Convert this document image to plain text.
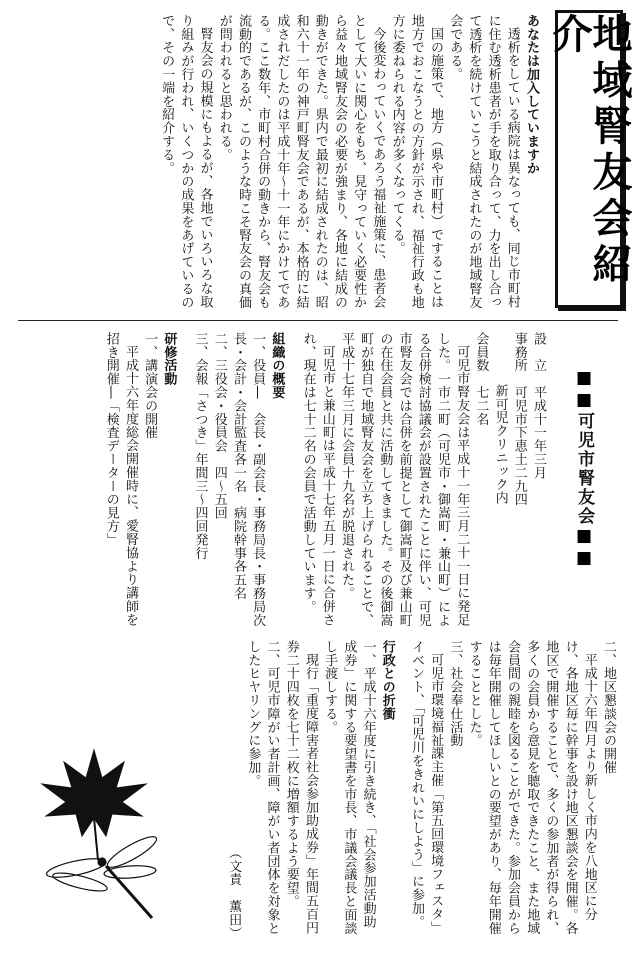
地域腎友会紹介

あなたは加入していますか

透析をしている病院は異なっても、同じ市町村に住む透析患者が手を取り合って、力を出し合って透析を続けていこうと結成されたのが地域腎友会である。

国の施策で、地方（県や市町村）ですることは地方でおこなうとの方針が示され、福祉行政も地方に委ねられる内容が多くなってくる。

今後変わっていくであろう福祉施策に、患者会として大いに関心をもち、見守っていく必要性から益々地域腎友会の必要が強まり、各地に結成の動きができた。県内で最初に結成されたのは、昭和六十一年の神戸町腎友会であるが、本格的に結成されだしたのは平成十年～十一年にかけてである。ここ数年、市町村合併の動きから、腎友会も流動的であるが、このような時こそ腎友会の真価が問われると思われる。

腎友会の規模にもよるが、各地でいろいろな取り組みが行われ、いくつかの成果をあげているので、その一端を紹介する。

■■可児市腎友会■■

設　立　平成十一年三月

事務所　可児市下恵土二九四

新可児クリニック内

会員数　七二名

可児市腎友会は平成十一年三月二十一日に発足した。一市二町（可児市・御嵩町・兼山町）による合併検討協議会が設置されたことに伴い、可児市腎友会では合併を前提として御嵩町及び兼山町の在住会員と共に活動してきました。その後御嵩町が独自で地域腎友会を立ち上げられることで、平成十七年三月に会員十九名が脱退された。

可児市と兼山町は平成十七年五月一日に合併され、現在は七十二名の会員で活動しています。

組織の概要

一、役員―　会長・副会長・事務局長・事務局次長・会計・会計監査各一名　病院幹事各五名

二、三役会・役員会　四～五回

三、会報「さつき」年間三～四回発行

研修活動

一、講演会の開催

平成十六年度総会開催時に、愛腎協より講師を招き開催―「検査データーの見方」

二、地区懇談会の開催

平成十六年四月より新しく市内を八地区に分け、各地区毎に幹事を設け地区懇談会を開催。各地区で開催することで、多くの参加者が得られ、多くの会員から意見を聴取できたこと、また地域会員間の親睦を図ることができた。参加会員からは毎年開催してほしいとの要望があり、毎年開催することとした。

三、社会奉仕活動

可児市環境福祉課主催「第五回環境フェスタ」イベント、「可児川をきれいにしよう」に参加。

行政との折衝

一、平成十六年度に引き続き、「社会参加活動助成券」に関する要望書を市長、市議会議長と面談し手渡しする。

現行「重度障害者社会参加助成券」年間五百円券二十四枚を七十二枚に増額するよう要望。

二、可児市障がい者計画、障がい者団体を対象としたヒヤリングに参加。

（文責　薫田）
